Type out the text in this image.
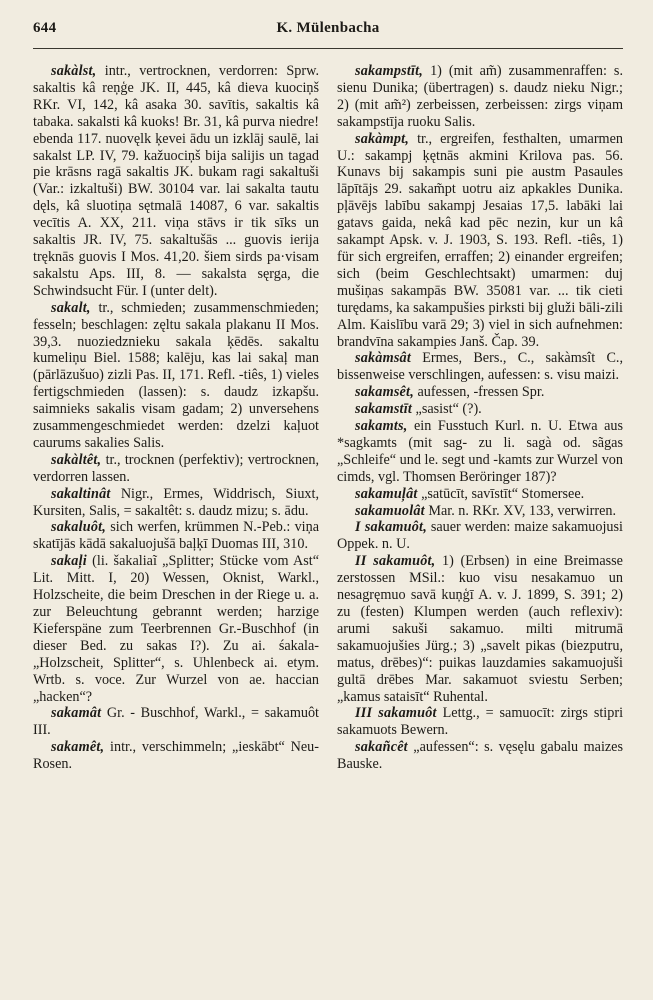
644	K. Mülenbacha

sakàlst, intr., vertrocknen, verdorren: Sprw. sakaltis kâ reņģe JK. II, 445, kâ dieva kuociņš RKr. VI, 142, kâ asaka 30. savītis, sakaltis kâ tabaka. sakalsti kâ kuoks! Br. 31, kâ purva niedre! ebenda 117. nuovęlk ķevei ādu un izklāj saulē, lai sakalst LP. IV, 79. kažuociņš bija salijis un tagad pie krāsns ragā sakaltis JK. bukam ragi sakaltuši (Var.: izkaltuši) BW. 30104 var. lai sakalta tautu dęls, kâ sluotiņa sętmalā 14087, 6 var. sakaltis vecītis A. XX, 211. viņa stāvs ir tik sīks un sakaltis JR. IV, 75. sakaltušās ... guovis ierija tręknās guovis I Mos. 41,20. šiem sirds pa·visam sakalstu Aps. III, 8. — sakalsta sęrga, die Schwindsucht Für. I (unter delt).

sakalt, tr., schmieden; zusammenschmieden; fesseln; beschlagen: zęltu sakala plakanu II Mos. 39,3. nuoziedznieku sakala ķēdēs. sakaltu kumeliņu Biel. 1588; kalēju, kas lai sakaļ man (pārlāzušuo) zizli Pas. II, 171. Refl. -tiês, 1) vieles fertigschmieden (lassen): s. daudz izkapšu. saimnieks sakalis visam gadam; 2) unversehens zusammengeschmiedet werden: dzelzi kaļuot caurums sakalies Salis.

sakàltêt, tr., trocknen (perfektiv); vertrocknen, verdorren lassen.

sakaltinât Nigr., Ermes, Widdrisch, Siuxt, Kursiten, Salis, = sakaltêt: s. daudz mizu; s. ādu.

sakaluôt, sich werfen, krümmen N.-Peb.: viņa skatījās kādā sakaluojušā baļķī Duomas III, 310.

sakaļi (li. šakaliaĩ „Splitter; Stücke vom Ast“ Lit. Mitt. I, 20) Wessen, Oknist, Warkl., Holzscheite, die beim Dreschen in der Riege u. a. zur Beleuchtung gebrannt werden; harzige Kieferspäne zum Teerbrennen Gr.-Buschhof (in dieser Bed. zu sakas I?). Zu ai. śakala- „Holzscheit, Splitter“, s. Uhlenbeck ai. etym. Wrtb. s. voce. Zur Wurzel von ae. haccian „hacken“?

sakamât Gr. - Buschhof, Warkl., = sakamuôt III.

sakamêt, intr., verschimmeln; „ieskābt“ Neu-Rosen.

sakampstīt, 1) (mit am̃) zusammenraffen: s. sienu Dunika; (übertragen) s. daudz nieku Nigr.; 2) (mit am̃²) zerbeissen, zerbeissen: zirgs viņam sakampstīja ruoku Salis.

sakàmpt, tr., ergreifen, festhalten, umarmen U.: sakampj ķętnās akmini Krilova pas. 56. Kunavs bij sakampis suni pie austm Pasaules lāpītājs 29. sakam̃pt uotru aiz apkakles Dunika. pļāvējs labību sakampj Jesaias 17,5. labāki lai gatavs gaida, nekâ kad pēc nezin, kur un kâ sakampt Apsk. v. J. 1903, S. 193. Refl. -tiês, 1) für sich ergreifen, erraffen; 2) einander ergreifen; sich (beim Geschlechtsakt) umarmen: duj mušiņas sakampās BW. 35081 var. ... tik cieti turędams, ka sakampušies pirksti bij gluži bāli-zili Alm. Kaislību varā 29; 3) viel in sich aufnehmen: brandvīna sakampies Janš. Čap. 39.

sakàmsât Ermes, Bers., C., sakàmsît C., bissenweise verschlingen, aufessen: s. visu maizi.

sakamsêt, aufessen, -fressen Spr.

sakamstīt „sasist“ (?).

sakamts, ein Fusstuch Kurl. n. U. Etwa aus *sagkamts (mit sag- zu li. sagà od. sãgas „Schleife“ und le. segt und -kamts zur Wurzel von cimds, vgl. Thomsen Beröringer 187)?

sakamuļât „satūcīt, savīstīt“ Stomersee.

sakamuolât Mar. n. RKr. XV, 133, verwirren.

I sakamuôt, sauer werden: maize sakamuojusi Oppek. n. U.

II sakamuôt, 1) (Erbsen) in eine Breimasse zerstossen MSil.: kuo visu nesakamuo un nesagręmuo savā kuņģī A. v. J. 1899, S. 391; 2) zu (festen) Klumpen werden (auch reflexiv): arumi sakuši sakamuo. milti mitrumā sakamuojušies Jürg.; 3) „savelt pikas (biezputru, matus, drēbes)“: puikas lauzdamies sakamuojuši gultā drēbes Mar. sakamuot sviestu Serben; „kamus sataisīt“ Ruhental.

III sakamuôt Lettg., = samuocīt: zirgs stipri sakamuots Bewern.

sakañcêt „aufessen“: s. vęsęlu gabalu maizes Bauske.
